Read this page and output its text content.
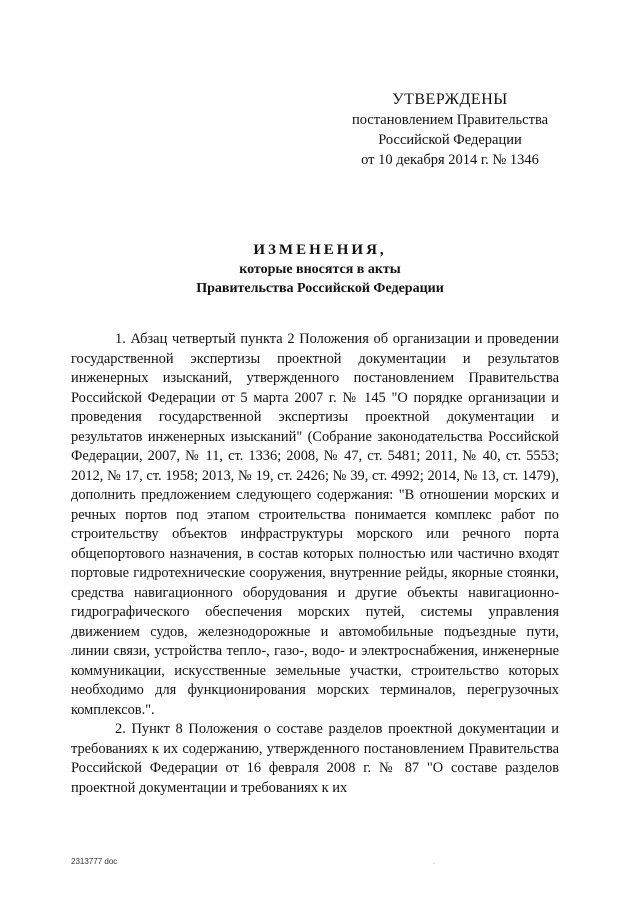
УТВЕРЖДЕНЫ
постановлением Правительства
Российской Федерации
от 10 декабря 2014 г. № 1346
ИЗМЕНЕНИЯ,
которые вносятся в акты
Правительства Российской Федерации

1. Абзац четвертый пункта 2 Положения об организации и проведении государственной экспертизы проектной документации и результатов инженерных изысканий, утвержденного постановлением Правительства Российской Федерации от 5 марта 2007 г. № 145 "О порядке организации и проведения государственной экспертизы проектной документации и результатов инженерных изысканий" (Собрание законодательства Российской Федерации, 2007, № 11, ст. 1336; 2008, № 47, ст. 5481; 2011, № 40, ст. 5553; 2012, № 17, ст. 1958; 2013, № 19, ст. 2426; № 39, ст. 4992; 2014, № 13, ст. 1479), дополнить предложением следующего содержания: "В отношении морских и речных портов под этапом строительства понимается комплекс работ по строительству объектов инфраструктуры морского или речного порта общепортового назначения, в состав которых полностью или частично входят портовые гидротехнические сооружения, внутренние рейды, якорные стоянки, средства навигационного оборудования и другие объекты навигационно-гидрографического обеспечения морских путей, системы управления движением судов, железнодорожные и автомобильные подъездные пути, линии связи, устройства тепло-, газо-, водо- и электроснабжения, инженерные коммуникации, искусственные земельные участки, строительство которых необходимо для функционирования морских терминалов, перегрузочных комплексов.".

2. Пункт 8 Положения о составе разделов проектной документации и требованиях к их содержанию, утвержденного постановлением Правительства Российской Федерации от 16 февраля 2008 г. № 87 "О составе разделов проектной документации и требованиях к их

2313777 doc	.
